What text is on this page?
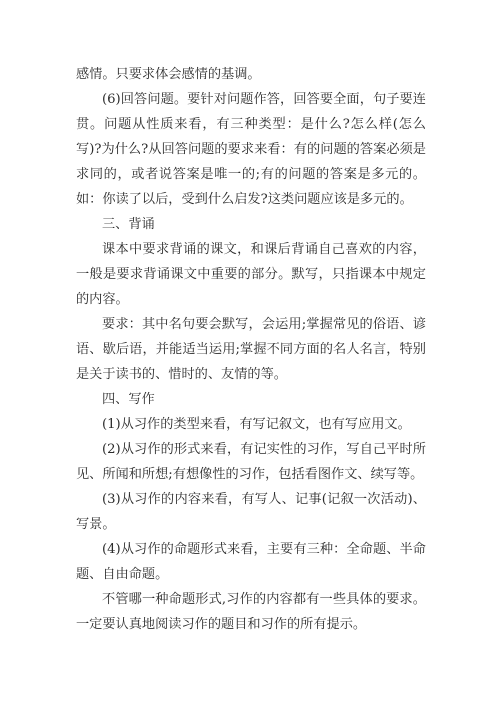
感情。只要求体会感情的基调。

(6)回答问题。要针对问题作答，回答要全面，句子要连贯。问题从性质来看，有三种类型：是什么?怎么样(怎么写)?为什么?从回答问题的要求来看：有的问题的答案必须是求同的，或者说答案是唯一的;有的问题的答案是多元的。如：你读了以后，受到什么启发?这类问题应该是多元的。

三、背诵

课本中要求背诵的课文，和课后背诵自己喜欢的内容，一般是要求背诵课文中重要的部分。默写，只指课本中规定的内容。

要求：其中名句要会默写，会运用;掌握常见的俗语、谚语、歇后语，并能适当运用;掌握不同方面的名人名言，特别是关于读书的、惜时的、友情的等。

四、写作

(1)从习作的类型来看，有写记叙文，也有写应用文。

(2)从习作的形式来看，有记实性的习作，写自己平时所见、所闻和所想;有想像性的习作，包括看图作文、续写等。

(3)从习作的内容来看，有写人、记事(记叙一次活动)、写景。

(4)从习作的命题形式来看，主要有三种：全命题、半命题、自由命题。

不管哪一种命题形式,习作的内容都有一些具体的要求。一定要认真地阅读习作的题目和习作的所有提示。
